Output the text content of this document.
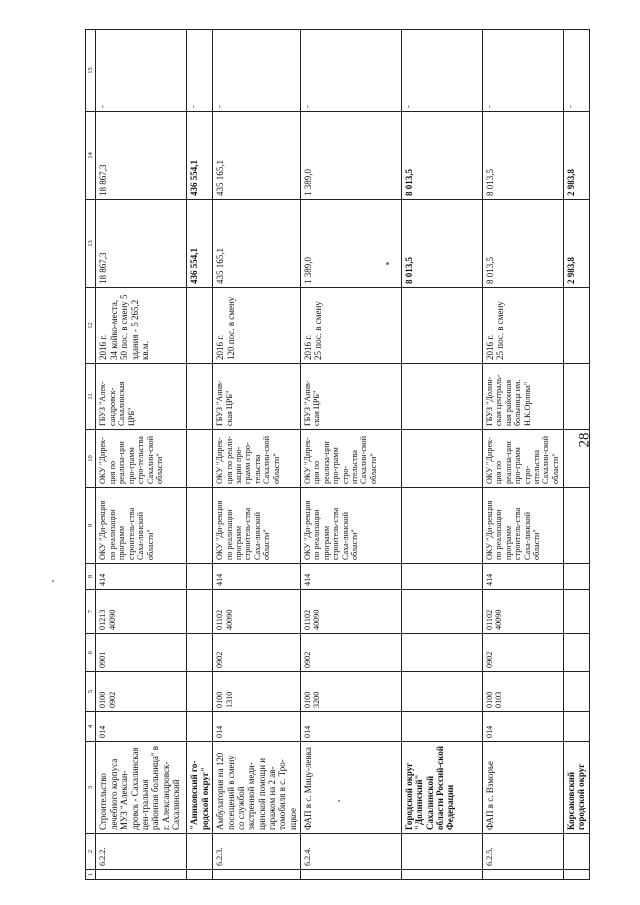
28
1	2	3	4	5	6	7	8	9	10	11	12	13	14	15
	6.2.2.	Строительство лечебного корпуса МУЗ "Алексан-дровск - Сахалинская цен-тральная районная больница" в г. Александровск-Сахалинский	014	0100 0902	0901	01213 40090	414	ОКУ "Ди-рекция по реализации программ строитель-ства Саха-линской области"	ОКУ "Дирек-ция по реализа-ции про-грамм стро-тельства Сахалин-ской области"	ГБУЗ "Алек-сандровск-Сахалинская ЦРБ"	2016 г. 34 койко-места, 50 пос. в смену 5 здания - 5 265,2 кв.м.	18 867,3	18 867,3	-
		"Аниковский го-родской округ"										436 554,1	436 554,1	-
	6.2.3.	Амбулатория на 120 посещений в смену со службой экстренной меди-цинской помощи и гаражом на 2 ав-томобиля в с. Тро-ицкое	014	0100 1310	0902	01102 40090	414	ОКУ "Ди-рекция по реализации программ строитель-ства Саха-линской области"	ОКУ "Дирек-ция по реали-зации про-грамм стро-тельства Сахалин-ской области"	ГБУЗ "Анив-ская ЦРБ"	2016 г. 120 пос. в смену	435 165,1	435 165,1	-
	6.2.4.	ФАП в с. Мицу-левка	014	0100 3200	0902	01102 40090	414	ОКУ "Ди-рекция по реализации программ строитель-ства Саха-линской области"	ОКУ "Дирек-ция по реализа-ции про-грамм стро-ительства Сахалин-ской области"	ГБУЗ "Анив-ская ЦРБ"	2016 г. 25 пос. в смену	1 389,0	1 389,0	-
		Городской округ "Долинский" Сахалинской области Россий-ской Федерации										8 013,5	8 013,5	-
	6.2.5.	ФАП в с. Взморье	014	0100 0103	0902	01102 40090	414	ОКУ "Ди-рекция по реализации программ строитель-ства Саха-линской области"	ОКУ "Дирек-ция по реализа-ции про-грамм стро-ительства Сахалин-ской области"	ГБУЗ "Долин-ская централь-ная районная больница им. Н.К.Орлова"	2016 г. 25 пос. в смену	8 013,5	8 013,5	-
		Корсаковский городской округ										2 983,8	2 983,8	-
